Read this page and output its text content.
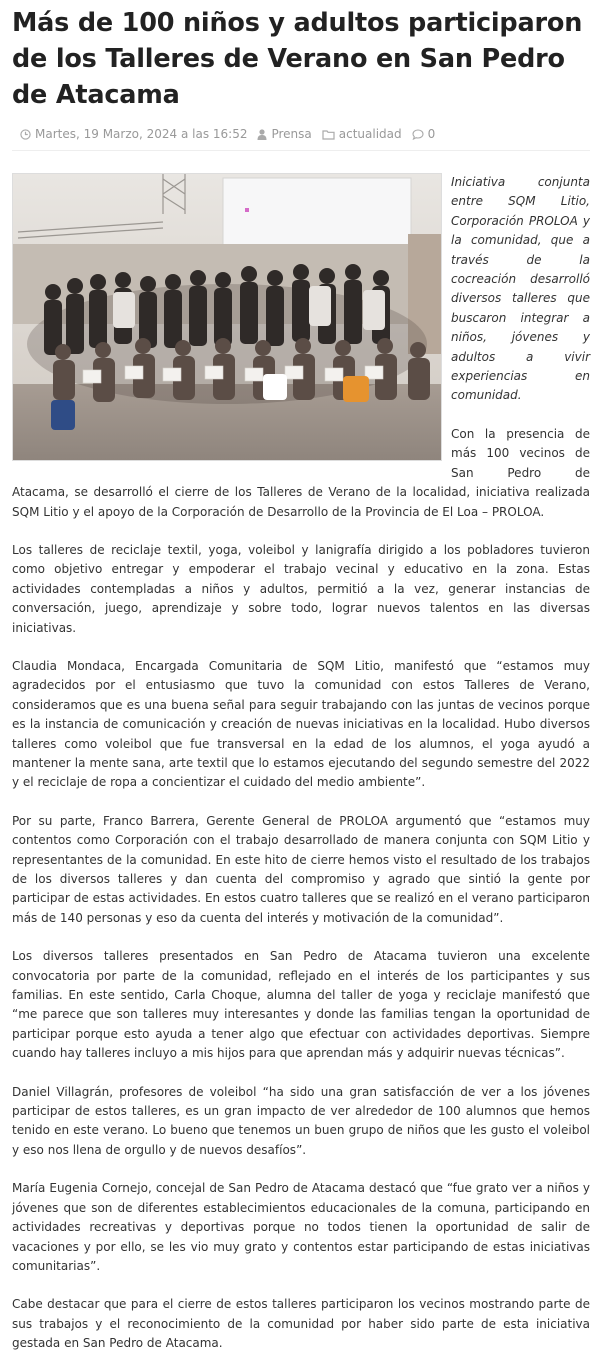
Más de 100 niños y adultos participaron de los Talleres de Verano en San Pedro de Atacama
Martes, 19 Marzo, 2024 a las 16:52 Prensa actualidad 0

Iniciativa conjunta entre SQM Litio, Corporación PROLOA y la comunidad, que a través de la cocreación desarrolló diversos talleres que buscaron integrar a niños, jóvenes y adultos a vivir experiencias en comunidad.

Con la presencia de más 100 vecinos de San Pedro de Atacama, se desarrolló el cierre de los Talleres de Verano de la localidad, iniciativa realizada SQM Litio y el apoyo de la Corporación de Desarrollo de la Provincia de El Loa – PROLOA.

Los talleres de reciclaje textil, yoga, voleibol y lanigrafía dirigido a los pobladores tuvieron como objetivo entregar y empoderar el trabajo vecinal y educativo en la zona. Estas actividades contempladas a niños y adultos, permitió a la vez, generar instancias de conversación, juego, aprendizaje y sobre todo, lograr nuevos talentos en las diversas iniciativas.

Claudia Mondaca, Encargada Comunitaria de SQM Litio, manifestó que “estamos muy agradecidos por el entusiasmo que tuvo la comunidad con estos Talleres de Verano, consideramos que es una buena señal para seguir trabajando con las juntas de vecinos porque es la instancia de comunicación y creación de nuevas iniciativas en la localidad. Hubo diversos talleres como voleibol que fue transversal en la edad de los alumnos, el yoga ayudó a mantener la mente sana, arte textil que lo estamos ejecutando del segundo semestre del 2022 y el reciclaje de ropa a concientizar el cuidado del medio ambiente”.

Por su parte, Franco Barrera, Gerente General de PROLOA argumentó que “estamos muy contentos como Corporación con el trabajo desarrollado de manera conjunta con SQM Litio y representantes de la comunidad. En este hito de cierre hemos visto el resultado de los trabajos de los diversos talleres y dan cuenta del compromiso y agrado que sintió la gente por participar de estas actividades. En estos cuatro talleres que se realizó en el verano participaron más de 140 personas y eso da cuenta del interés y motivación de la comunidad”.

Los diversos talleres presentados en San Pedro de Atacama tuvieron una excelente convocatoria por parte de la comunidad, reflejado en el interés de los participantes y sus familias. En este sentido, Carla Choque, alumna del taller de yoga y reciclaje manifestó que “me parece que son talleres muy interesantes y donde las familias tengan la oportunidad de participar porque esto ayuda a tener algo que efectuar con actividades deportivas. Siempre cuando hay talleres incluyo a mis hijos para que aprendan más y adquirir nuevas técnicas”.

Daniel Villagrán, profesores de voleibol “ha sido una gran satisfacción de ver a los jóvenes participar de estos talleres, es un gran impacto de ver alrededor de 100 alumnos que hemos tenido en este verano. Lo bueno que tenemos un buen grupo de niños que les gusto el voleibol y eso nos llena de orgullo y de nuevos desafíos”.

María Eugenia Cornejo, concejal de San Pedro de Atacama destacó que “fue grato ver a niños y jóvenes que son de diferentes establecimientos educacionales de la comuna, participando en actividades recreativas y deportivas porque no todos tienen la oportunidad de salir de vacaciones y por ello, se les vio muy grato y contentos estar participando de estas iniciativas comunitarias”.

Cabe destacar que para el cierre de estos talleres participaron los vecinos mostrando parte de sus trabajos y el reconocimiento de la comunidad por haber sido parte de esta iniciativa gestada en San Pedro de Atacama.
